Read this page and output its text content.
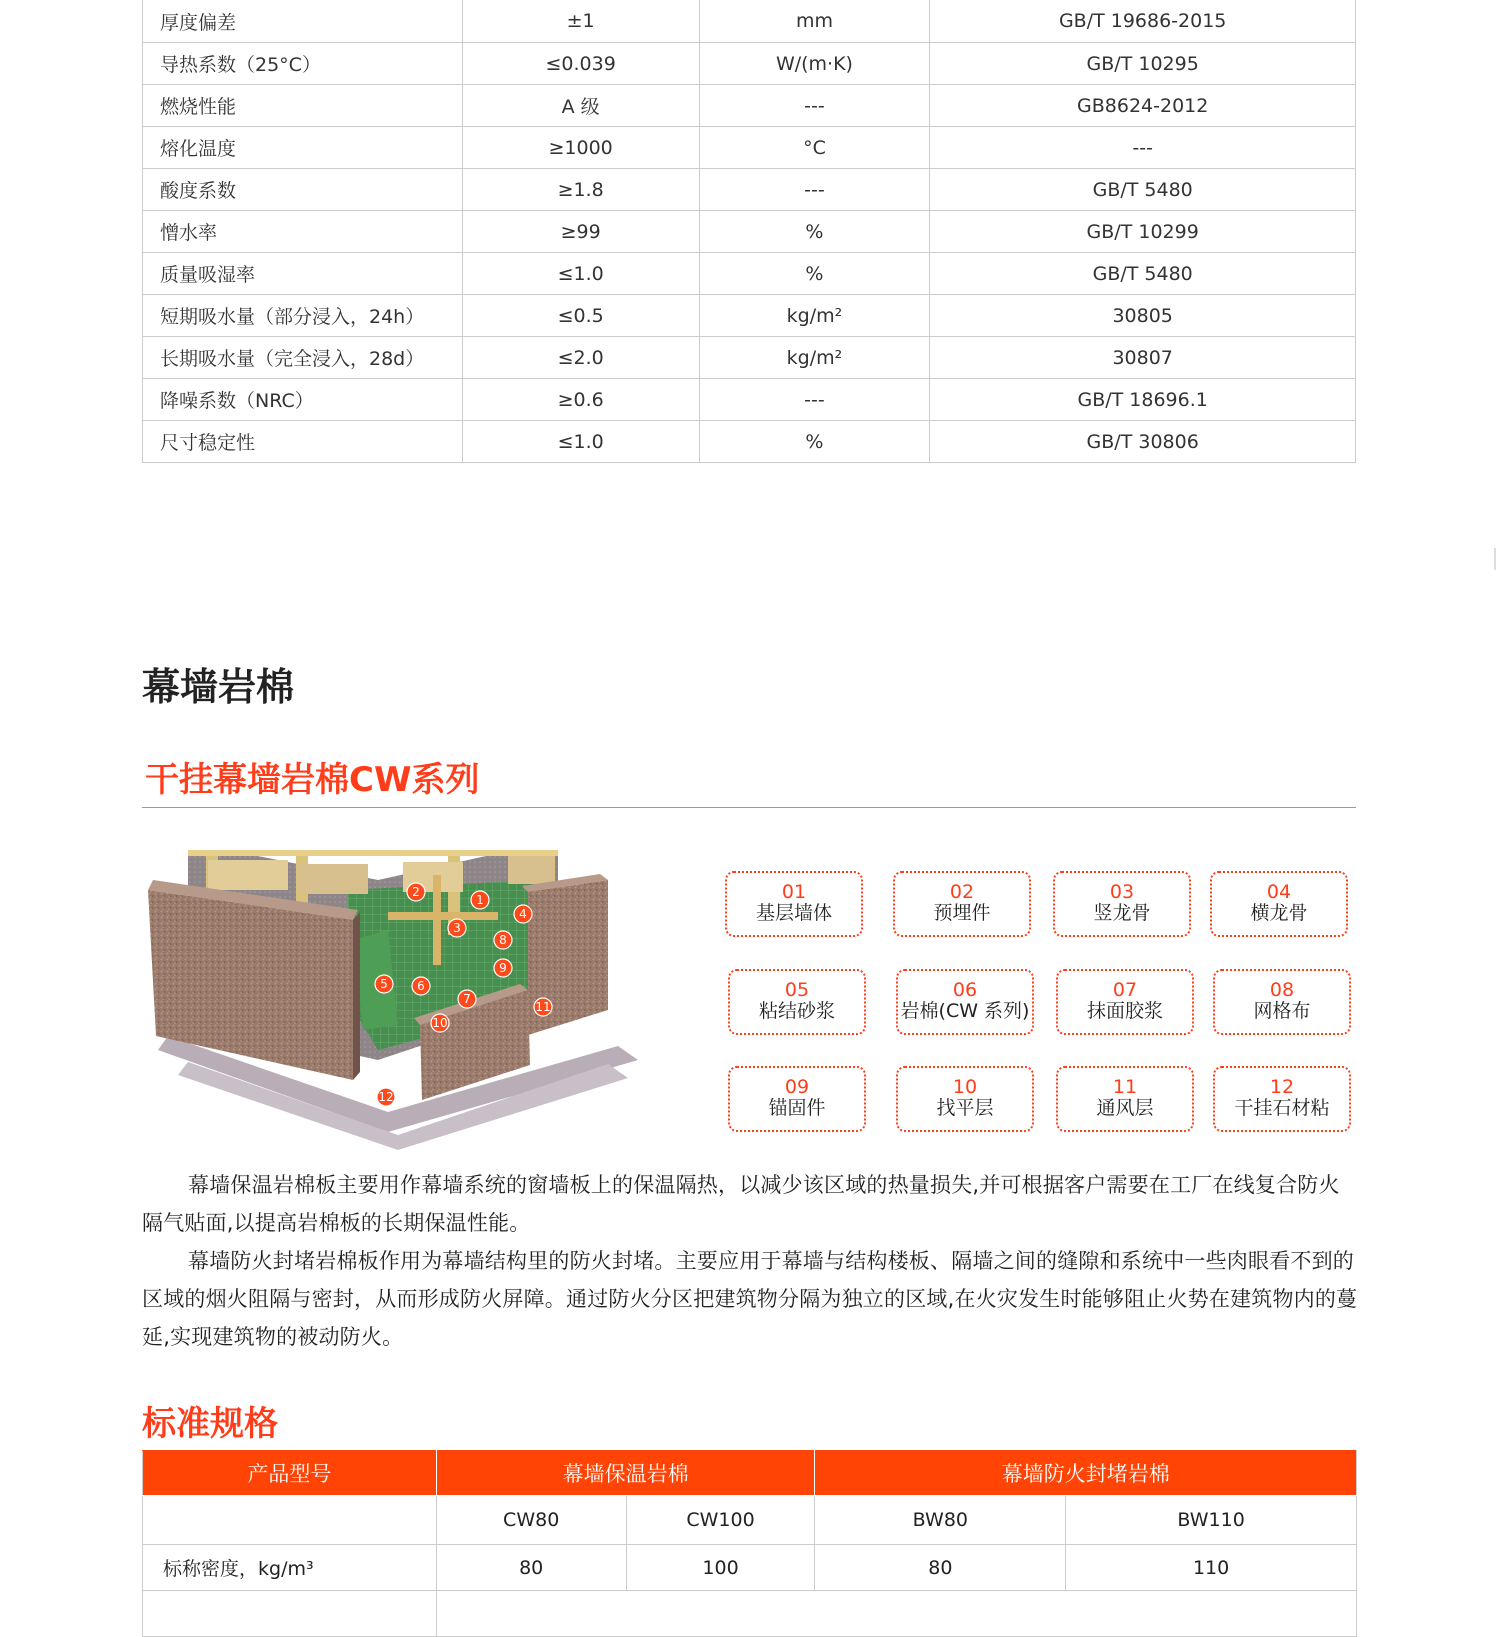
厚度偏差	±1	mm	GB/T 19686-2015
导热系数（25°C）	≤0.039	W/(m·K)	GB/T 10295
燃烧性能	A 级	---	GB8624-2012
熔化温度	≥1000	°C	---
酸度系数	≥1.8	---	GB/T 5480
憎水率	≥99	%	GB/T 10299
质量吸湿率	≤1.0	%	GB/T 5480
短期吸水量（部分浸入，24h）	≤0.5	kg/m²	30805
长期吸水量（完全浸入，28d）	≤2.0	kg/m²	30807
降噪系数（NRC）	≥0.6	---	GB/T 18696.1
尺寸稳定性	≤1.0	%	GB/T 30806
幕墙岩棉
干挂幕墙岩棉CW系列
1
2
3
4
5 6
7
8
9
10
11
12
01
基层墙体
02
预埋件
03
竖龙骨
04
横龙骨
05
粘结砂浆
06
岩棉(CW 系列)
07
抹面胶浆
08
网格布
09
锚固件
10
找平层
11
通风层
12
干挂石材粘

幕墙保温岩棉板主要用作幕墙系统的窗墙板上的保温隔热，以减少该区域的热量损失,并可根据客户需要在工厂在线复合防火隔气贴面,以提高岩棉板的长期保温性能。

幕墙防火封堵岩棉板作用为幕墙结构里的防火封堵。主要应用于幕墙与结构楼板、隔墙之间的缝隙和系统中一些肉眼看不到的区域的烟火阻隔与密封，从而形成防火屏障。通过防火分区把建筑物分隔为独立的区域,在火灾发生时能够阻止火势在建筑物内的蔓延,实现建筑物的被动防火。

标准规格
产品型号	幕墙保温岩棉		幕墙防火封堵岩棉	
	CW80	CW100	BW80	BW110
标称密度，kg/m³	80	100	80	110
